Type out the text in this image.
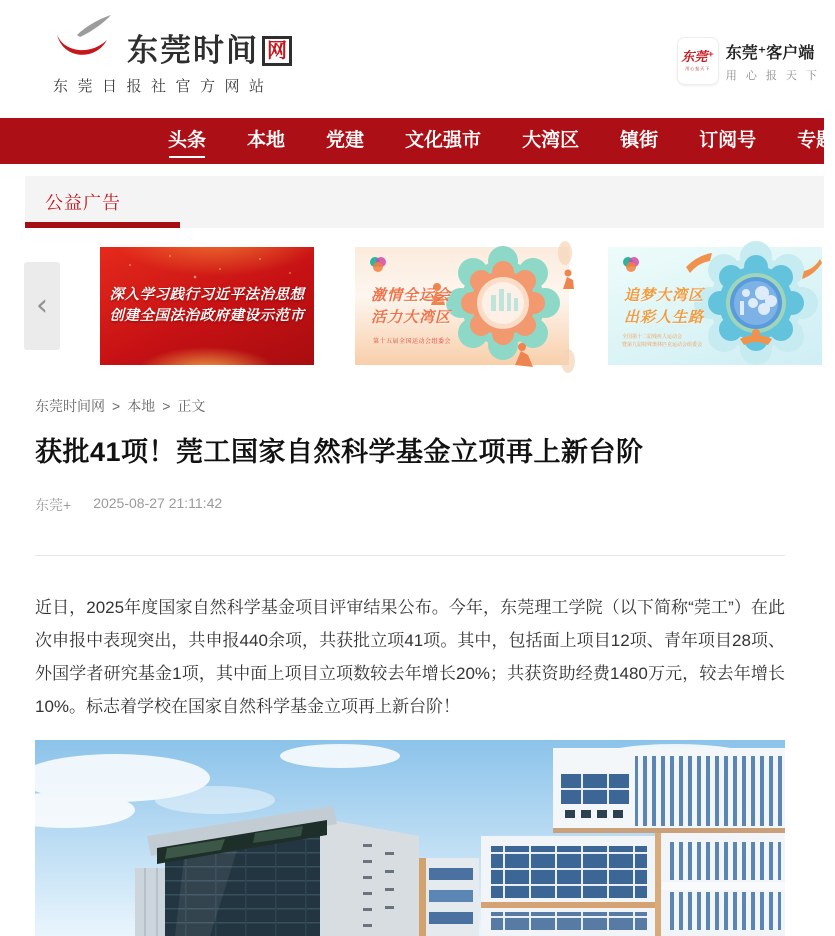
东莞时间 网
东莞日报社官方网站
东莞⁺
用心报天下
东莞⁺客户端
用 心 报 天 下
头条 本地 党建 文化强市 大湾区 镇街 订阅号 专题
公益广告
‹	深入学习践行习近平法治思想
创建全国法治政府建设示范市
激情全运会
活力大湾区
第十五届全国运动会组委会
追梦大湾区
出彩人生路
全国第十二届残疾人运动会
暨第九届特殊奥林匹克运动会组委会
东莞时间网 > 本地 > 正文
获批41项！莞工国家自然科学基金立项再上新台阶
东莞+ 2025-08-27 21:11:42

近日，2025年度国家自然科学基金项目评审结果公布。今年，东莞理工学院（以下简称“莞工”）在此次申报中表现突出，共申报440余项，共获批立项41项。其中，包括面上项目12项、青年项目28项、外国学者研究基金1项，其中面上项目立项数较去年增长20%；共获资助经费1480万元，较去年增长10%。标志着学校在国家自然科学基金立项再上新台阶！
